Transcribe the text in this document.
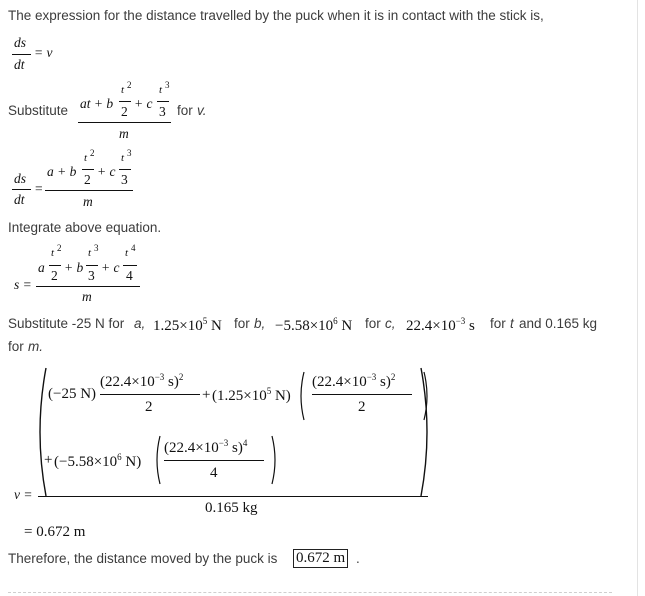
The expression for the distance travelled by the puck when it is in contact with the stick is,
ds
dt
= v
Substitute at + b
t 2
2
+ c
t 3
3
m
for v.
ds
dt
=
a + b
t 2
2
+ c
t 3
3
m
Integrate above equation.
s =
a
t 2
2
+ b
t 3
3
+ c
t 4
4
m
Substitute -25 N for a, $1.25\times 10^5$ N for b, $-5.58\times 10^6$ N for c, $22.4\times 10^{-3}$ s for t and 0.165 kg
for m.
v =
(−25 N)
($22.4\times 10^{-3}$ s)$^2$
2
+ ($1.25\times 10^5$ N)
($22.4\times 10^{-3}$ s)$^2$
2
+ ($-5.58\times 10^6$ N)
($22.4\times 10^{-3}$ s)$^4$
4
0.165 kg
= 0.672 m
Therefore, the distance moved by the puck is 0.672 m .
